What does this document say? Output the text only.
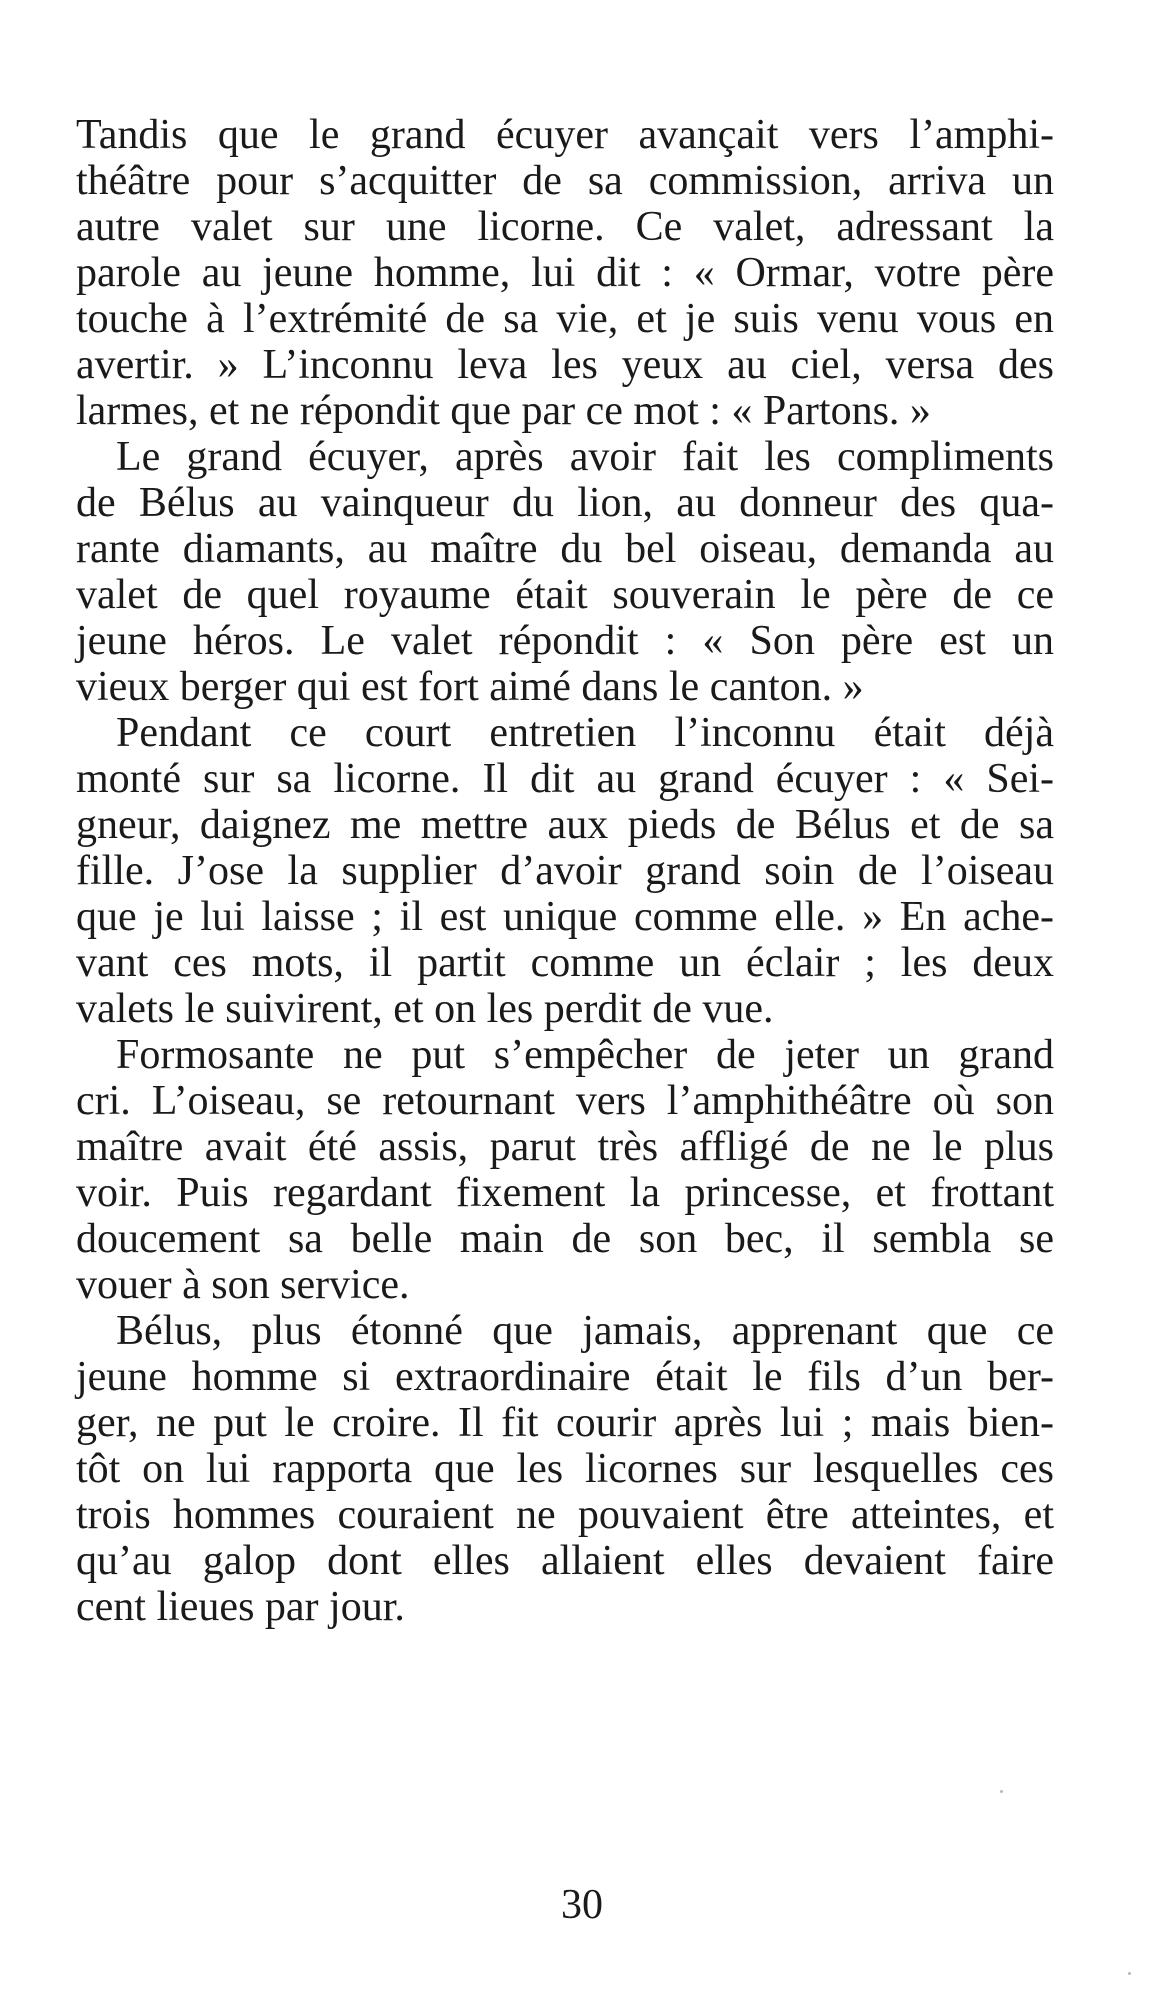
Tandis que le grand écuyer avançait vers l’amphi-
théâtre pour s’acquitter de sa commission, arriva un
autre valet sur une licorne. Ce valet, adressant la
parole au jeune homme, lui dit : « Ormar, votre père
touche à l’extrémité de sa vie, et je suis venu vous en
avertir. » L’inconnu leva les yeux au ciel, versa des
larmes, et ne répondit que par ce mot : « Partons. »
Le grand écuyer, après avoir fait les compliments
de Bélus au vainqueur du lion, au donneur des qua-
rante diamants, au maître du bel oiseau, demanda au
valet de quel royaume était souverain le père de ce
jeune héros. Le valet répondit : « Son père est un
vieux berger qui est fort aimé dans le canton. »
Pendant ce court entretien l’inconnu était déjà
monté sur sa licorne. Il dit au grand écuyer : « Sei-
gneur, daignez me mettre aux pieds de Bélus et de sa
fille. J’ose la supplier d’avoir grand soin de l’oiseau
que je lui laisse ; il est unique comme elle. » En ache-
vant ces mots, il partit comme un éclair ; les deux
valets le suivirent, et on les perdit de vue.
Formosante ne put s’empêcher de jeter un grand
cri. L’oiseau, se retournant vers l’amphithéâtre où son
maître avait été assis, parut très affligé de ne le plus
voir. Puis regardant fixement la princesse, et frottant
doucement sa belle main de son bec, il sembla se
vouer à son service.
Bélus, plus étonné que jamais, apprenant que ce
jeune homme si extraordinaire était le fils d’un ber-
ger, ne put le croire. Il fit courir après lui ; mais bien-
tôt on lui rapporta que les licornes sur lesquelles ces
trois hommes couraient ne pouvaient être atteintes, et
qu’au galop dont elles allaient elles devaient faire
cent lieues par jour.
30
